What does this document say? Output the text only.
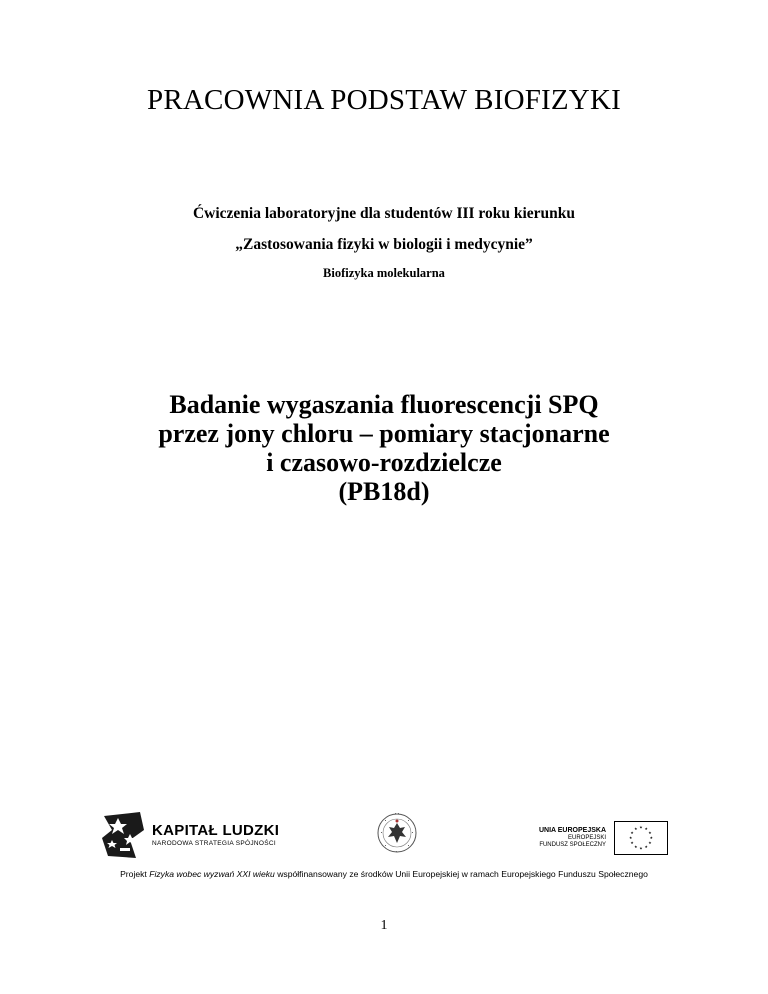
PRACOWNIA PODSTAW BIOFIZYKI
Ćwiczenia laboratoryjne dla studentów III roku kierunku
„Zastosowania fizyki w biologii i medycynie”
Biofizyka molekularna
Badanie wygaszania fluorescencji SPQ
przez jony chloru – pomiary stacjonarne
i czasowo-rozdzielcze
(PB18d)
KAPITAŁ LUDZKI
NARODOWA STRATEGIA SPÓJNOŚCI
UNIA EUROPEJSKA
EUROPEJSKI
FUNDUSZ SPOŁECZNY
★ ★
★
★
★
★
★
★
★
★
★
★
Projekt Fizyka wobec wyzwań XXI wieku współfinansowany ze środków Unii Europejskiej w ramach Europejskiego Funduszu Społecznego
1
